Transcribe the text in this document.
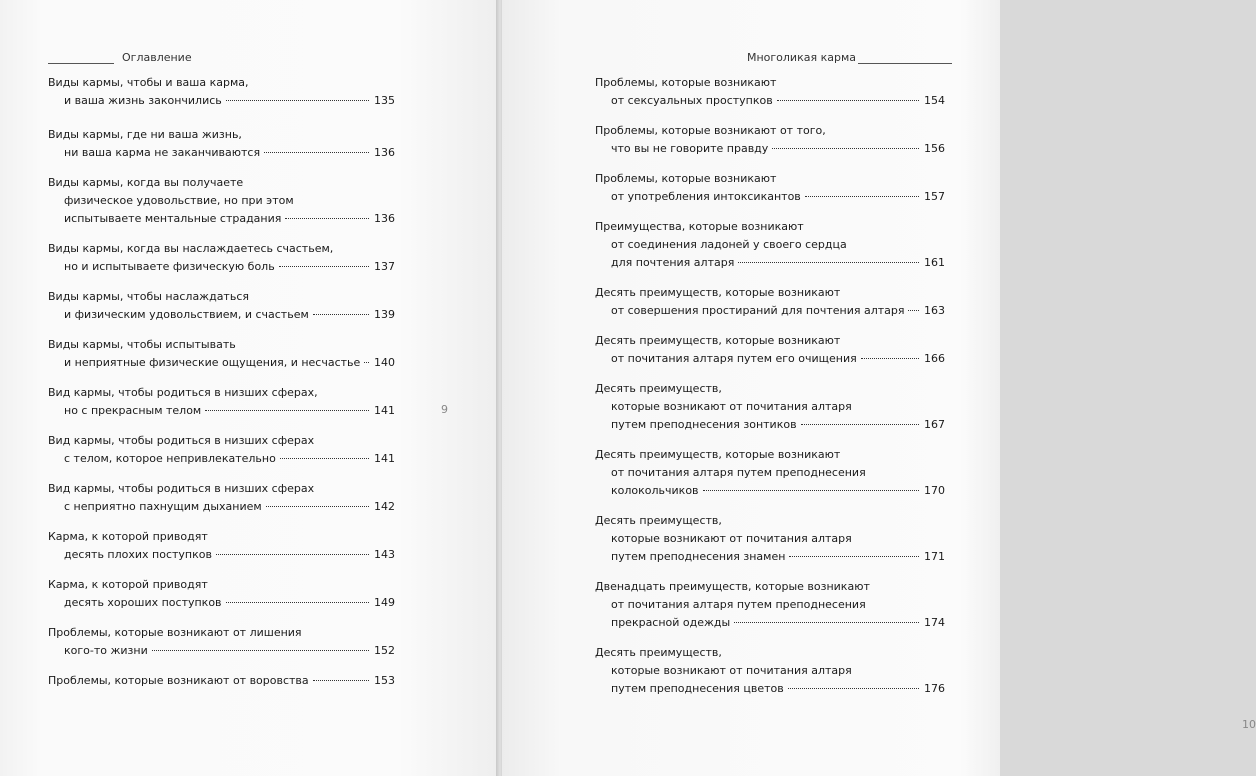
Оглавление
Виды кармы, чтобы и ваша карма,
и ваша жизнь закончились	135
Виды кармы, где ни ваша жизнь,
ни ваша карма не заканчиваются	136
Виды кармы, когда вы получаете
физическое удовольствие, но при этом
испытываете ментальные страдания	136
Виды кармы, когда вы наслаждаетесь счастьем,
но и испытываете физическую боль	137
Виды кармы, чтобы наслаждаться
и физическим удовольствием, и счастьем	139
Виды кармы, чтобы испытывать
и неприятные физические ощущения, и несчастье 140
Вид кармы, чтобы родиться в низших сферах,
но с прекрасным телом	141
Вид кармы, чтобы родиться в низших сферах
с телом, которое непривлекательно	141
Вид кармы, чтобы родиться в низших сферах
с неприятно пахнущим дыханием	142
Карма, к которой приводят
десять плохих поступков	143
Карма, к которой приводят
десять хороших поступков	149
Проблемы, которые возникают от лишения
кого-то жизни	152
Проблемы, которые возникают от воровства	153
9
Многоликая карма
Проблемы, которые возникают
от сексуальных проступков	154
Проблемы, которые возникают от того,
что вы не говорите правду	156
Проблемы, которые возникают
от употребления интоксикантов	157
Преимущества, которые возникают
от соединения ладоней у своего сердца
для почтения алтаря	161
Десять преимуществ, которые возникают
от совершения простираний для почтения алтаря 163
Десять преимуществ, которые возникают
от почитания алтаря путем его очищения	166
Десять преимуществ,
которые возникают от почитания алтаря
путем преподнесения зонтиков	167
Десять преимуществ, которые возникают
от почитания алтаря путем преподнесения
колокольчиков	170
Десять преимуществ,
которые возникают от почитания алтаря
путем преподнесения знамен	171
Двенадцать преимуществ, которые возникают
от почитания алтаря путем преподнесения
прекрасной одежды	174
Десять преимуществ,
которые возникают от почитания алтаря
путем преподнесения цветов	176
10
